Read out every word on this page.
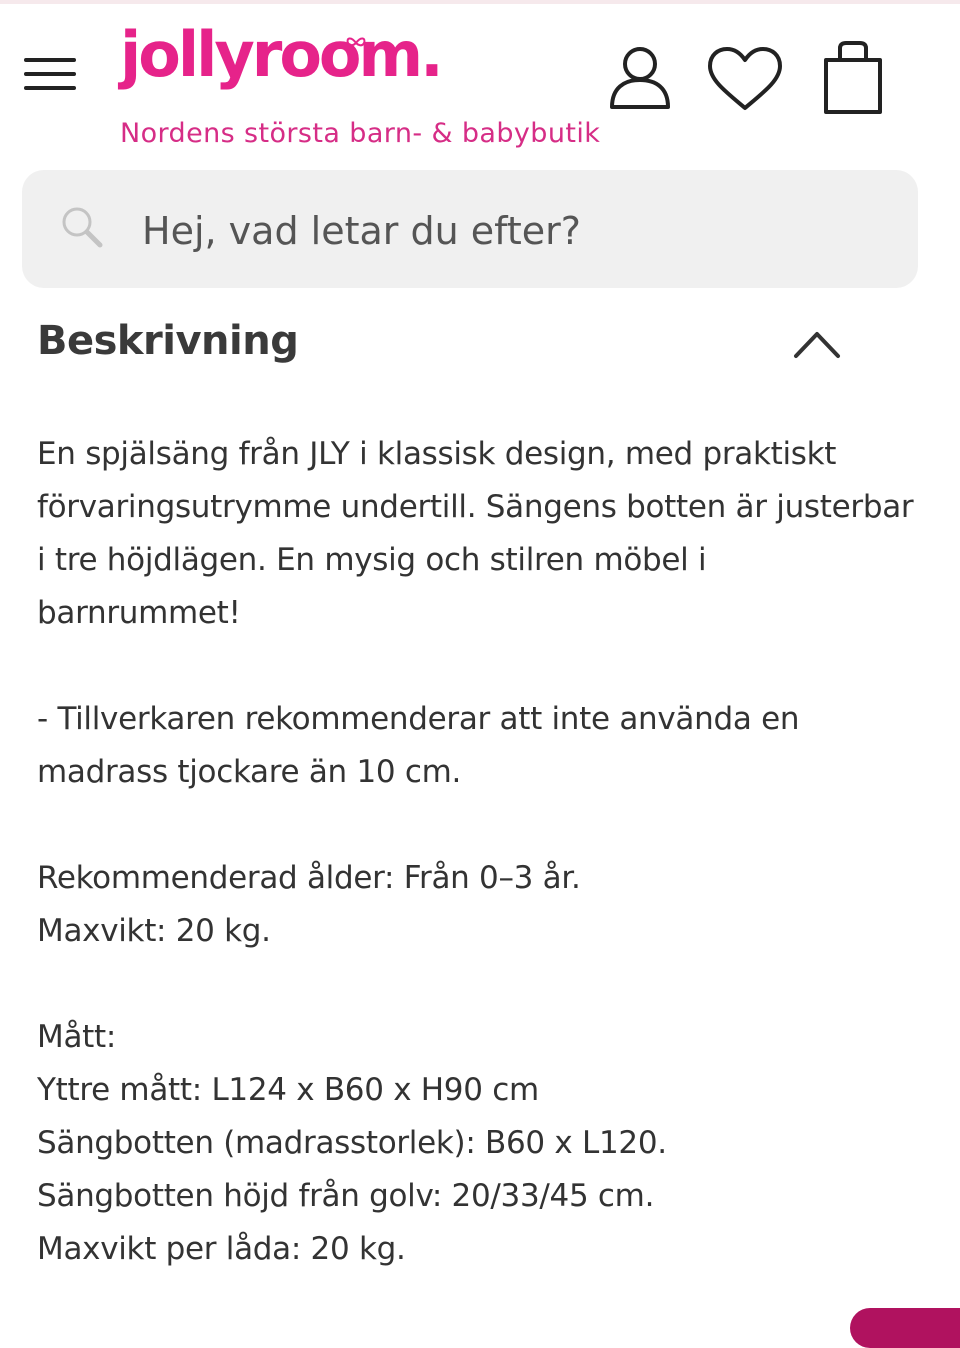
jollyroom.
Nordens största barn- & babybutik
Hej, vad letar du efter?
Beskrivning

En spjälsäng från JLY i klassisk design, med praktiskt förvaringsutrymme undertill. Sängens botten är justerbar i tre höjdlägen. En mysig och stilren möbel i barnrummet!

- Tillverkaren rekommenderar att inte använda en madrass tjockare än 10 cm.

Rekommenderad ålder: Från 0–3 år.
Maxvikt: 20 kg.

Mått:
Yttre mått: L124 x B60 x H90 cm
Sängbotten (madrasstorlek): B60 x L120.
Sängbotten höjd från golv: 20/33/45 cm.
Maxvikt per låda: 20 kg.
